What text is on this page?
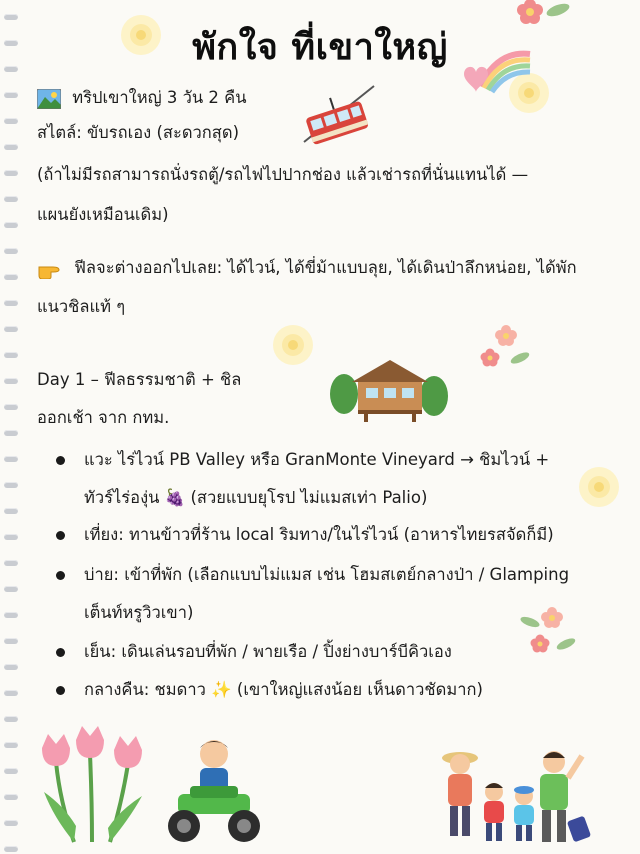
พักใจ ที่เขาใหญ่
ทริปเขาใหญ่ 3 วัน 2 คืน
สไตล์: ขับรถเอง (สะดวกสุด)
(ถ้าไม่มีรถสามารถนั่งรถตู้/รถไฟไปปากช่อง แล้วเช่ารถที่นั่นแทนได้ —
แผนยังเหมือนเดิม)
ฟีลจะต่างออกไปเลย: ได้ไวน์, ได้ขี่ม้าแบบลุย, ได้เดินป่าลึกหน่อย, ได้พัก
แนวชิลแท้ ๆ
Day 1 – ฟีลธรรมชาติ + ชิล
ออกเช้า จาก กทม.
แวะ ไร่ไวน์ PB Valley หรือ GranMonte Vineyard → ชิมไวน์ +
ทัวร์ไร่องุ่น 🍇 (สวยแบบยุโรป ไม่แมสเท่า Palio)
เที่ยง: ทานข้าวที่ร้าน local ริมทาง/ในไร่ไวน์ (อาหารไทยรสจัดก็มี)
บ่าย: เข้าที่พัก (เลือกแบบไม่แมส เช่น โฮมสเตย์กลางป่า / Glamping
เต็นท์หรูวิวเขา)
เย็น: เดินเล่นรอบที่พัก / พายเรือ / ปิ้งย่างบาร์บีคิวเอง
กลางคืน: ชมดาว ✨ (เขาใหญ่แสงน้อย เห็นดาวชัดมาก)
